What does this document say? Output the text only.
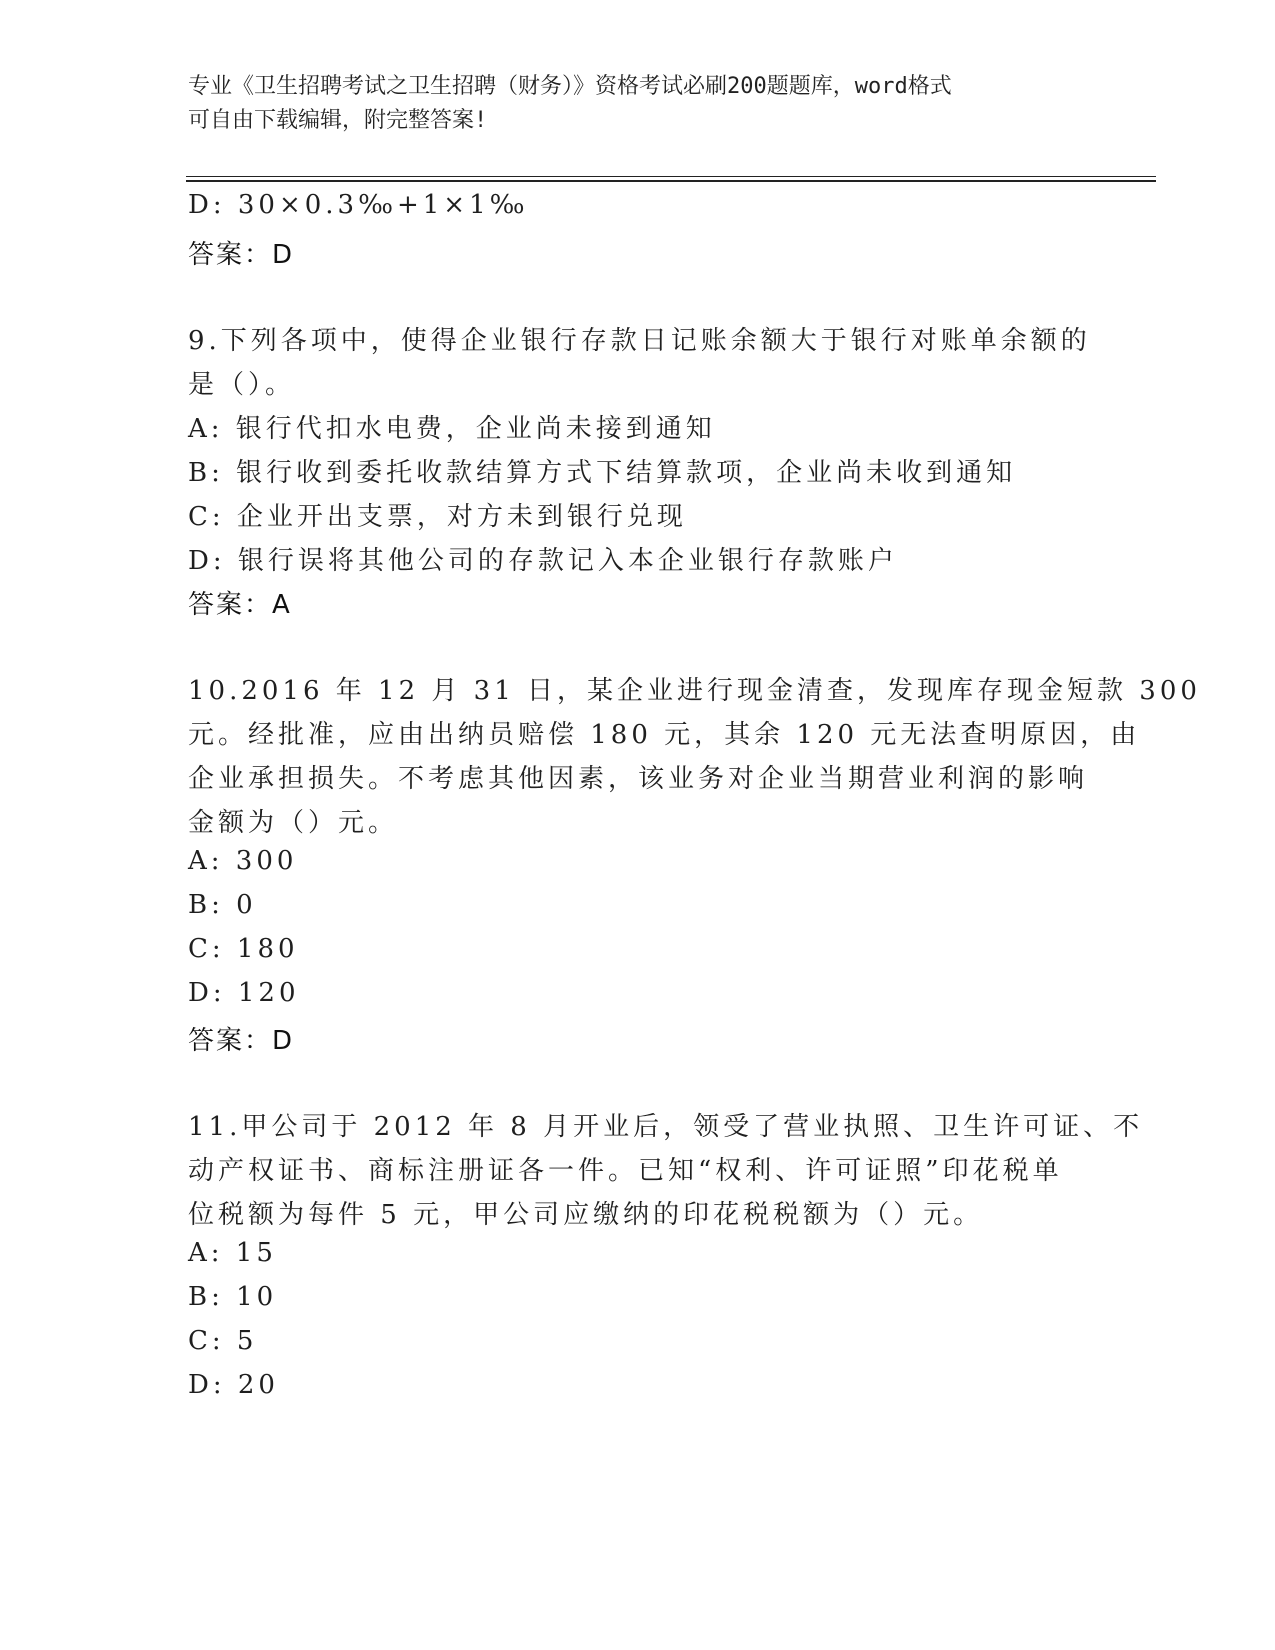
专业《卫生招聘考试之卫生招聘（财务）》资格考试必刷200题题库，word格式
可自由下载编辑，附完整答案!
D: 30×0.3‰+1×1‰
答案：D
9.下列各项中，使得企业银行存款日记账余额大于银行对账单余额的
是（）。
A: 银行代扣水电费，企业尚未接到通知
B: 银行收到委托收款结算方式下结算款项，企业尚未收到通知
C: 企业开出支票，对方未到银行兑现
D: 银行误将其他公司的存款记入本企业银行存款账户
答案：A
10.2016 年 12 月 31 日，某企业进行现金清查，发现库存现金短款 300
元。经批准，应由出纳员赔偿 180 元，其余 120 元无法查明原因，由
企业承担损失。不考虑其他因素，该业务对企业当期营业利润的影响
金额为（）元。
A: 300
B: 0
C: 180
D: 120
答案：D
11.甲公司于 2012 年 8 月开业后，领受了营业执照、卫生许可证、不
动产权证书、商标注册证各一件。已知“权利、许可证照”印花税单
位税额为每件 5 元，甲公司应缴纳的印花税税额为（）元。
A: 15
B: 10
C: 5
D: 20
